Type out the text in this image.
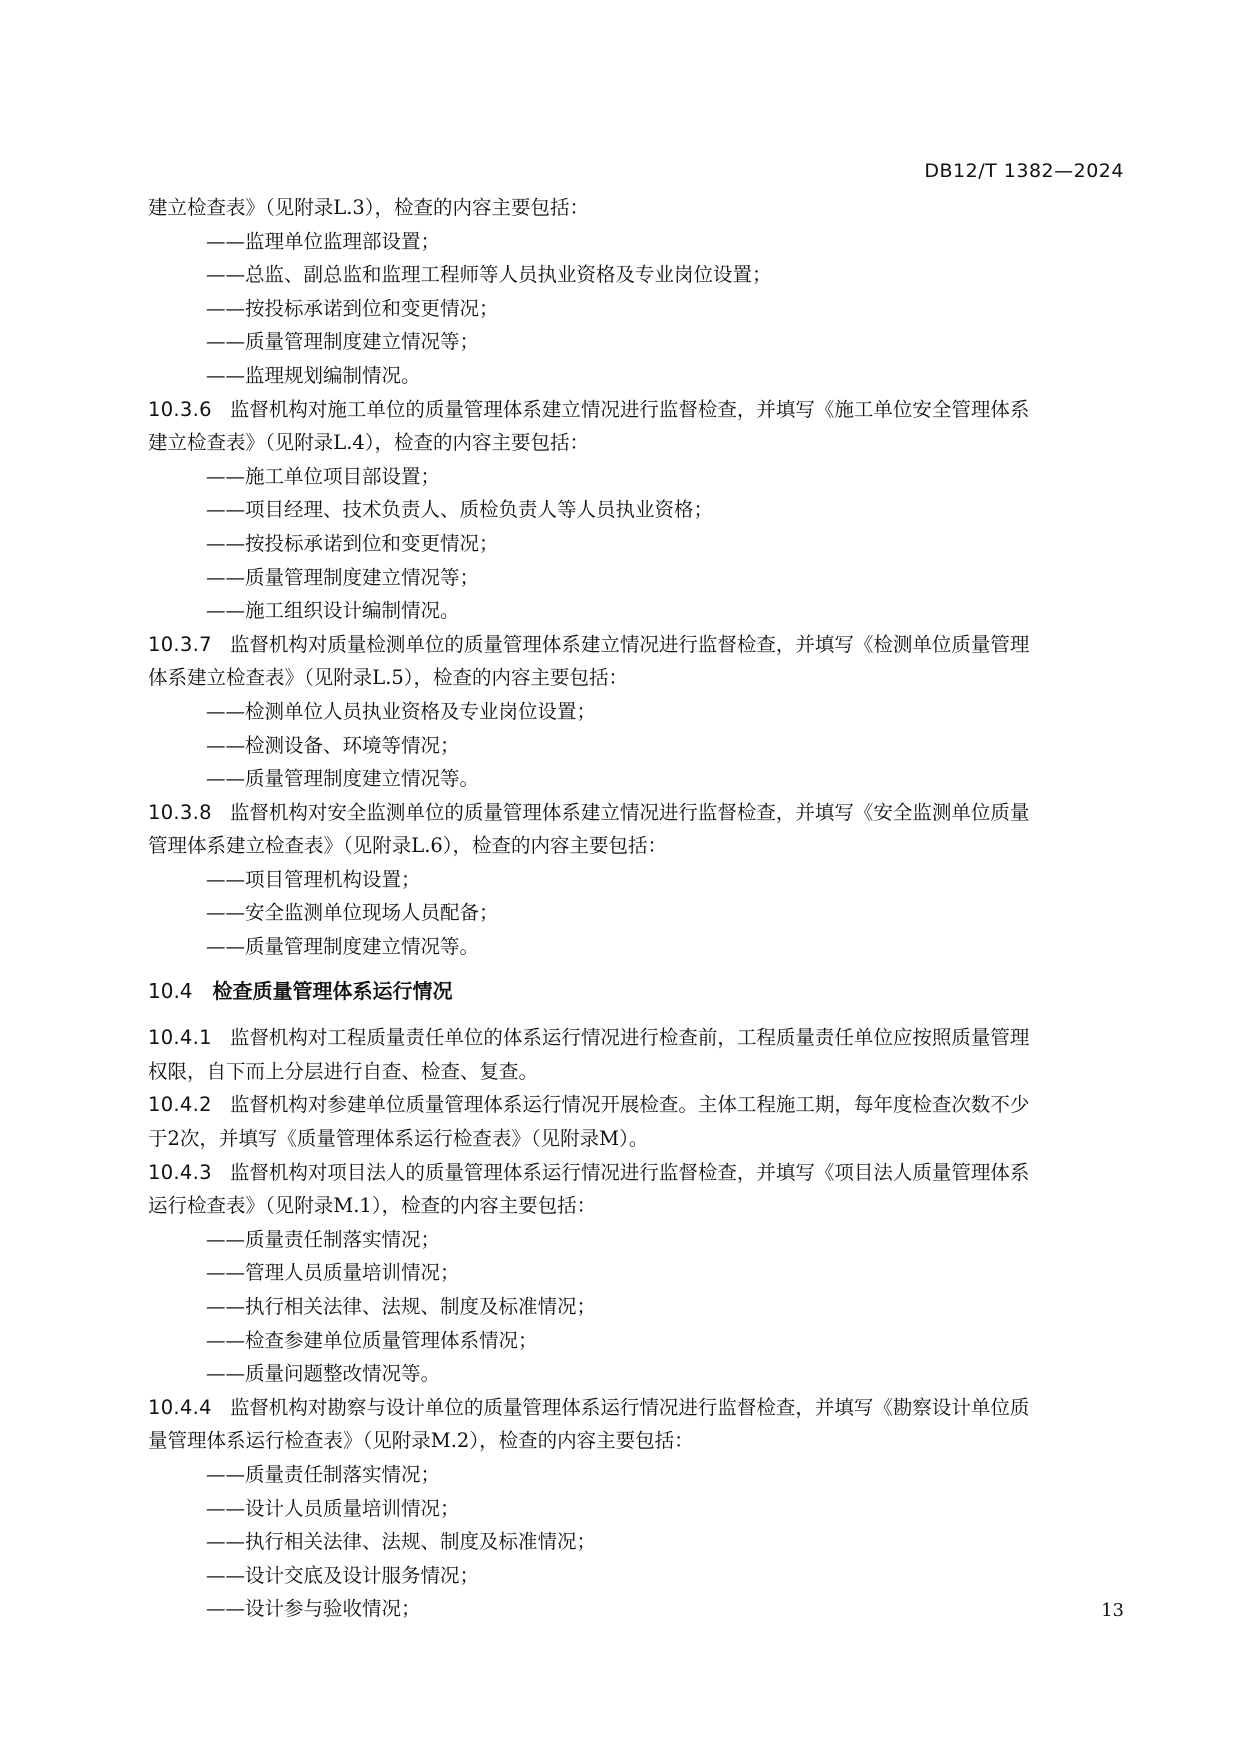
DB12/T 1382—2024
建立检查表》（见附录L.3），检查的内容主要包括：
——监理单位监理部设置；
——总监、副总监和监理工程师等人员执业资格及专业岗位设置；
——按投标承诺到位和变更情况；
——质量管理制度建立情况等；
——监理规划编制情况。
10.3.6 监督机构对施工单位的质量管理体系建立情况进行监督检查，并填写《施工单位安全管理体系
建立检查表》（见附录L.4），检查的内容主要包括：
——施工单位项目部设置；
——项目经理、技术负责人、质检负责人等人员执业资格；
——按投标承诺到位和变更情况；
——质量管理制度建立情况等；
——施工组织设计编制情况。
10.3.7 监督机构对质量检测单位的质量管理体系建立情况进行监督检查，并填写《检测单位质量管理
体系建立检查表》（见附录L.5），检查的内容主要包括：
——检测单位人员执业资格及专业岗位设置；
——检测设备、环境等情况；
——质量管理制度建立情况等。
10.3.8 监督机构对安全监测单位的质量管理体系建立情况进行监督检查，并填写《安全监测单位质量
管理体系建立检查表》（见附录L.6），检查的内容主要包括：
——项目管理机构设置；
——安全监测单位现场人员配备；
——质量管理制度建立情况等。
10.4 检查质量管理体系运行情况
10.4.1 监督机构对工程质量责任单位的体系运行情况进行检查前，工程质量责任单位应按照质量管理
权限，自下而上分层进行自查、检查、复查。
10.4.2 监督机构对参建单位质量管理体系运行情况开展检查。主体工程施工期，每年度检查次数不少
于2次，并填写《质量管理体系运行检查表》（见附录M）。
10.4.3 监督机构对项目法人的质量管理体系运行情况进行监督检查，并填写《项目法人质量管理体系
运行检查表》（见附录M.1），检查的内容主要包括：
——质量责任制落实情况；
——管理人员质量培训情况；
——执行相关法律、法规、制度及标准情况；
——检查参建单位质量管理体系情况；
——质量问题整改情况等。
10.4.4 监督机构对勘察与设计单位的质量管理体系运行情况进行监督检查，并填写《勘察设计单位质
量管理体系运行检查表》（见附录M.2），检查的内容主要包括：
——质量责任制落实情况；
——设计人员质量培训情况；
——执行相关法律、法规、制度及标准情况；
——设计交底及设计服务情况；
——设计参与验收情况；	13
